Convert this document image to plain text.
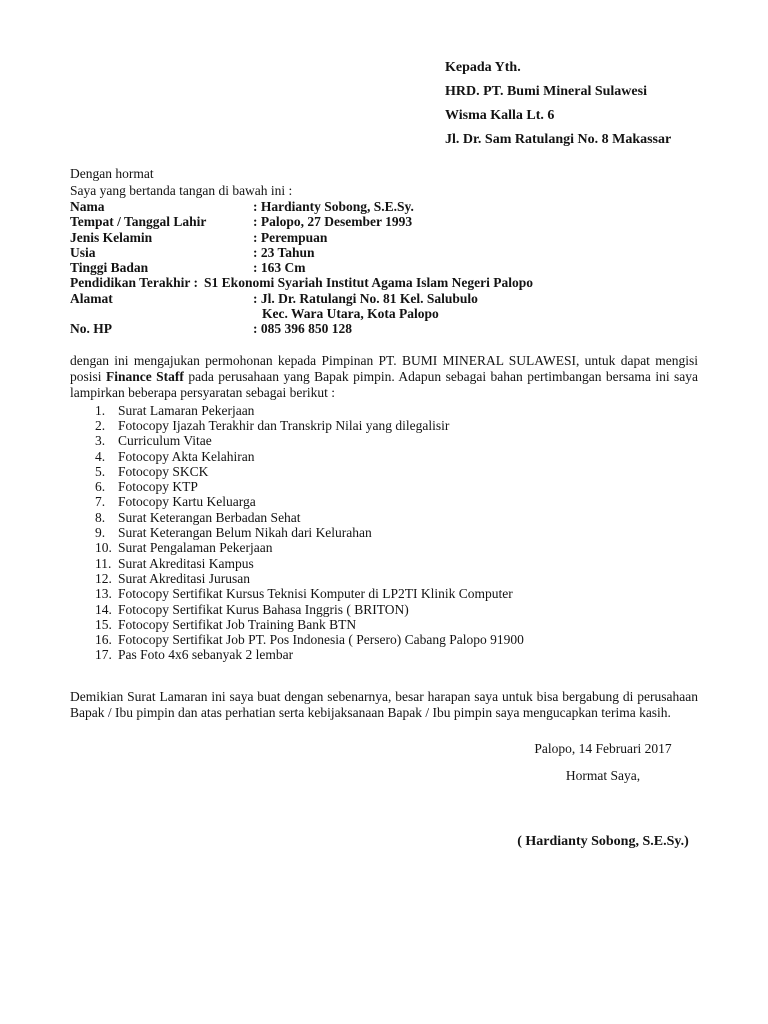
Kepada Yth.
HRD. PT. Bumi Mineral Sulawesi
Wisma Kalla Lt. 6
Jl. Dr. Sam Ratulangi No. 8 Makassar
Dengan hormat
Saya yang bertanda tangan di bawah ini :
Nama	: Hardianty Sobong, S.E.Sy.
Tempat / Tanggal Lahir	: Palopo, 27 Desember 1993
Jenis Kelamin	: Perempuan
Usia	: 23 Tahun
Tinggi Badan	: 163 Cm
Pendidikan Terakhir : S1 Ekonomi Syariah Institut Agama Islam Negeri Palopo
Alamat	: Jl. Dr. Ratulangi No. 81 Kel. Salubulo
Kec. Wara Utara, Kota Palopo
No. HP	: 085 396 850 128

dengan ini mengajukan permohonan kepada Pimpinan PT. BUMI MINERAL SULAWESI, untuk dapat mengisi posisi Finance Staff pada perusahaan yang Bapak pimpin. Adapun sebagai bahan pertimbangan bersama ini saya lampirkan beberapa persyaratan sebagai berikut :

1. Surat Lamaran Pekerjaan
2. Fotocopy Ijazah Terakhir dan Transkrip Nilai yang dilegalisir
3. Curriculum Vitae
4. Fotocopy Akta Kelahiran
5. Fotocopy SKCK
6. Fotocopy KTP
7. Fotocopy Kartu Keluarga
8. Surat Keterangan Berbadan Sehat
9. Surat Keterangan Belum Nikah dari Kelurahan
10. Surat Pengalaman Pekerjaan
11. Surat Akreditasi Kampus
12. Surat Akreditasi Jurusan
13. Fotocopy Sertifikat Kursus Teknisi Komputer di LP2TI Klinik Computer
14. Fotocopy Sertifikat Kurus Bahasa Inggris ( BRITON)
15. Fotocopy Sertifikat Job Training Bank BTN
16. Fotocopy Sertifikat Job PT. Pos Indonesia ( Persero) Cabang Palopo 91900
17. Pas Foto 4x6 sebanyak 2 lembar

Demikian Surat Lamaran ini saya buat dengan sebenarnya, besar harapan saya untuk bisa bergabung di perusahaan Bapak / Ibu pimpin dan atas perhatian serta kebijaksanaan Bapak / Ibu pimpin saya mengucapkan terima kasih.

Palopo, 14 Februari 2017
Hormat Saya,
( Hardianty Sobong, S.E.Sy.)
